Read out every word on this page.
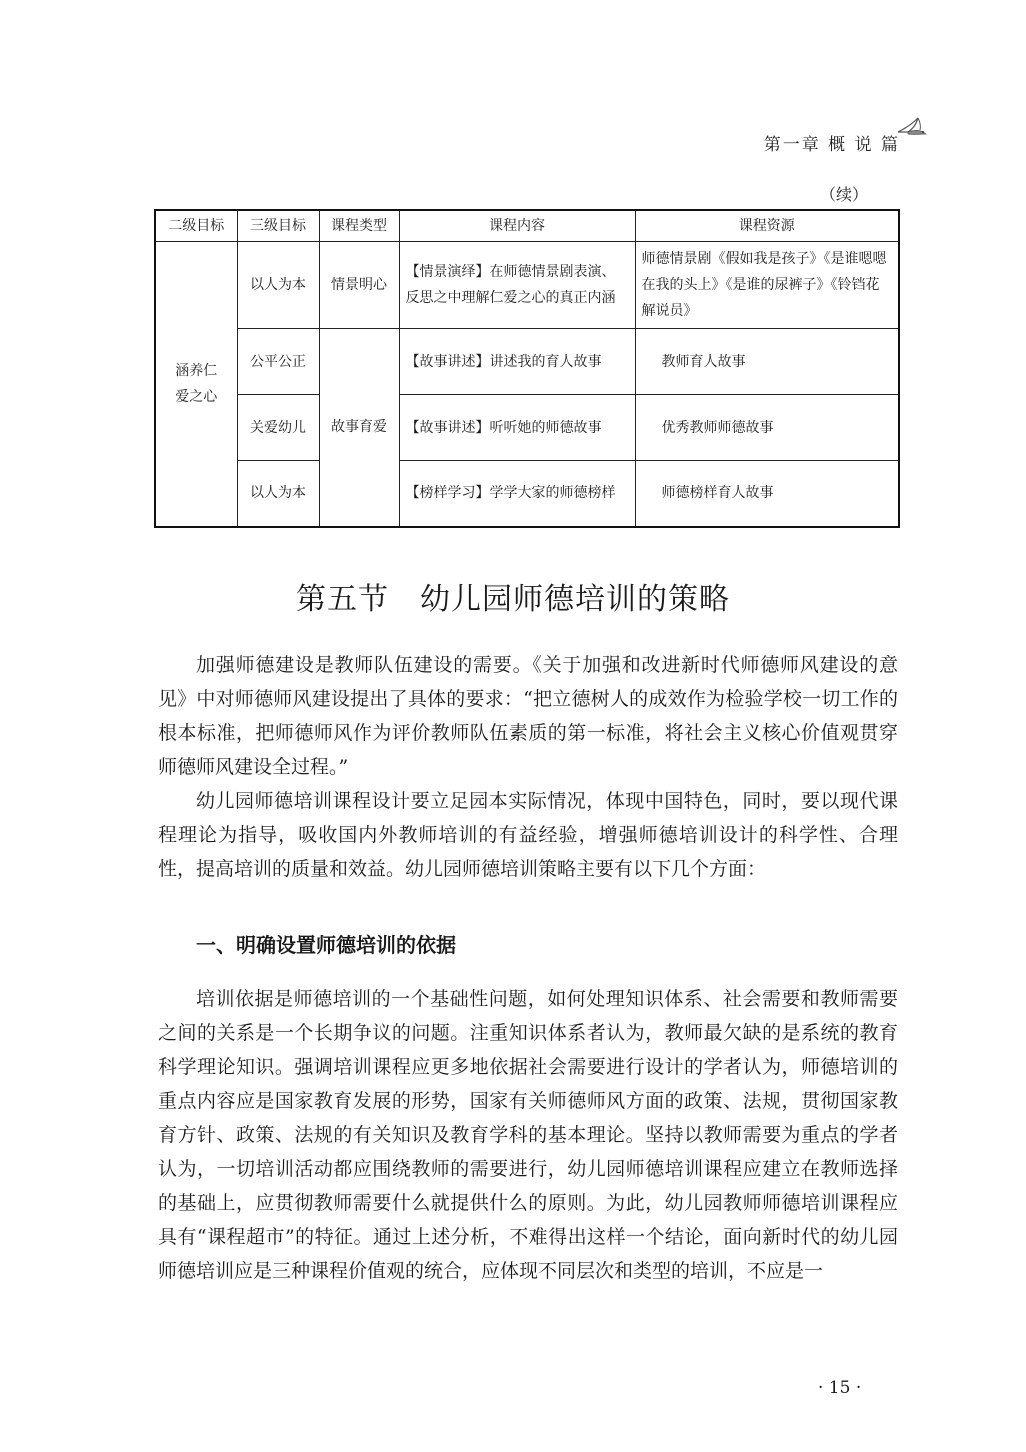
第一章 概 说 篇
（续）
二级目标	三级目标	课程类型	课程内容	课程资源
涵养仁爱之心	以人为本	情景明心	【情景演绎】在师德情景剧表演、反思之中理解仁爱之心的真正内涵	师德情景剧《假如我是孩子》《是谁嗯嗯在我的头上》《是谁的尿裤子》《铃铛花解说员》
	公平公正	故事育爱	【故事讲述】讲述我的育人故事	教师育人故事
	关爱幼儿		【故事讲述】听听她的师德故事	优秀教师师德故事
	以人为本		【榜样学习】学学大家的师德榜样	师德榜样育人故事
第五节　幼儿园师德培训的策略

加强师德建设是教师队伍建设的需要。《关于加强和改进新时代师德师风建设的意见》中对师德师风建设提出了具体的要求：“把立德树人的成效作为检验学校一切工作的根本标准，把师德师风作为评价教师队伍素质的第一标准，将社会主义核心价值观贯穿师德师风建设全过程。”

幼儿园师德培训课程设计要立足园本实际情况，体现中国特色，同时，要以现代课程理论为指导，吸收国内外教师培训的有益经验，增强师德培训设计的科学性、合理性，提高培训的质量和效益。幼儿园师德培训策略主要有以下几个方面：

一、明确设置师德培训的依据

培训依据是师德培训的一个基础性问题，如何处理知识体系、社会需要和教师需要之间的关系是一个长期争议的问题。注重知识体系者认为，教师最欠缺的是系统的教育科学理论知识。强调培训课程应更多地依据社会需要进行设计的学者认为，师德培训的重点内容应是国家教育发展的形势，国家有关师德师风方面的政策、法规，贯彻国家教育方针、政策、法规的有关知识及教育学科的基本理论。坚持以教师需要为重点的学者认为，一切培训活动都应围绕教师的需要进行，幼儿园师德培训课程应建立在教师选择的基础上，应贯彻教师需要什么就提供什么的原则。为此，幼儿园教师师德培训课程应具有“课程超市”的特征。通过上述分析，不难得出这样一个结论，面向新时代的幼儿园师德培训应是三种课程价值观的统合，应体现不同层次和类型的培训，不应是一

· 15 ·
